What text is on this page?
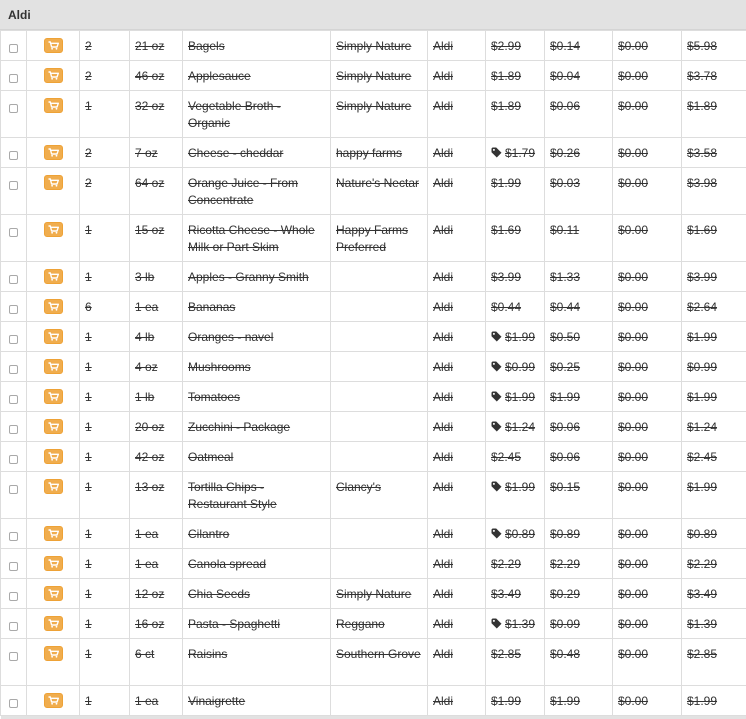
Aldi

	2	21 oz	Bagels	Simply Nature	Aldi	$2.99	$0.14	$0.00	$5.98

	2	46 oz	Applesauce	Simply Nature	Aldi	$1.89	$0.04	$0.00	$3.78

	1	32 oz	Vegetable Broth - Organic	Simply Nature	Aldi	$1.89	$0.06	$0.00	$1.89

	2	7 oz	Cheese - cheddar	happy farms	Aldi	$1.79	$0.26	$0.00	$3.58

	2	64 oz	Orange Juice - From Concentrate	Nature's Nectar	Aldi	$1.99	$0.03	$0.00	$3.98

	1	15 oz	Ricotta Cheese - Whole Milk or Part Skim	Happy Farms Preferred	Aldi	$1.69	$0.11	$0.00	$1.69

	1	3 lb	Apples - Granny Smith		Aldi	$3.99	$1.33	$0.00	$3.99

	6	1 ea	Bananas		Aldi	$0.44	$0.44	$0.00	$2.64

	1	4 lb	Oranges - navel		Aldi	$1.99	$0.50	$0.00	$1.99

	1	4 oz	Mushrooms		Aldi	$0.99	$0.25	$0.00	$0.99

	1	1 lb	Tomatoes		Aldi	$1.99	$1.99	$0.00	$1.99

	1	20 oz	Zucchini - Package		Aldi	$1.24	$0.06	$0.00	$1.24

	1	42 oz	Oatmeal		Aldi	$2.45	$0.06	$0.00	$2.45

	1	13 oz	Tortilla Chips - Restaurant Style	Clancy's	Aldi	$1.99	$0.15	$0.00	$1.99

	1	1 ea	Cilantro		Aldi	$0.89	$0.89	$0.00	$0.89

	1	1 ea	Canola spread		Aldi	$2.29	$2.29	$0.00	$2.29

	1	12 oz	Chia Seeds	Simply Nature	Aldi	$3.49	$0.29	$0.00	$3.49

	1	16 oz	Pasta - Spaghetti	Reggano	Aldi	$1.39	$0.09	$0.00	$1.39

	1	6 ct	Raisins	Southern Grove	Aldi	$2.85	$0.48	$0.00	$2.85

	1	1 ea	Vinaigrette		Aldi	$1.99	$1.99	$0.00	$1.99
